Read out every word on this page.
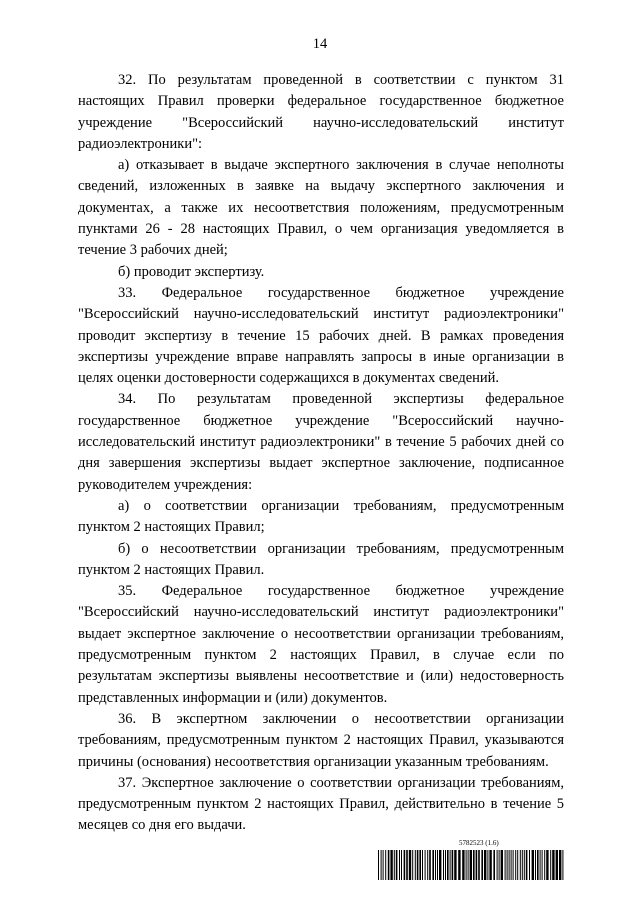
14

32. По результатам проведенной в соответствии с пунктом 31 настоящих Правил проверки федеральное государственное бюджетное учреждение "Всероссийский научно-исследовательский институт радиоэлектроники":

а) отказывает в выдаче экспертного заключения в случае неполноты сведений, изложенных в заявке на выдачу экспертного заключения и документах, а также их несоответствия положениям, предусмотренным пунктами 26 - 28 настоящих Правил, о чем организация уведомляется в течение 3 рабочих дней;

б) проводит экспертизу.

33. Федеральное государственное бюджетное учреждение "Всероссийский научно-исследовательский институт радиоэлектроники" проводит экспертизу в течение 15 рабочих дней. В рамках проведения экспертизы учреждение вправе направлять запросы в иные организации в целях оценки достоверности содержащихся в документах сведений.

34. По результатам проведенной экспертизы федеральное государственное бюджетное учреждение "Всероссийский научно-исследовательский институт радиоэлектроники" в течение 5 рабочих дней со дня завершения экспертизы выдает экспертное заключение, подписанное руководителем учреждения:

а) о соответствии организации требованиям, предусмотренным пунктом 2 настоящих Правил;

б) о несоответствии организации требованиям, предусмотренным пунктом 2 настоящих Правил.

35. Федеральное государственное бюджетное учреждение "Всероссийский научно-исследовательский институт радиоэлектроники" выдает экспертное заключение о несоответствии организации требованиям, предусмотренным пунктом 2 настоящих Правил, в случае если по результатам экспертизы выявлены несоответствие и (или) недостоверность представленных информации и (или) документов.

36. В экспертном заключении о несоответствии организации требованиям, предусмотренным пунктом 2 настоящих Правил, указываются причины (основания) несоответствия организации указанным требованиям.

37. Экспертное заключение о соответствии организации требованиям, предусмотренным пунктом 2 настоящих Правил, действительно в течение 5 месяцев со дня его выдачи.

5782523 (1.6)
